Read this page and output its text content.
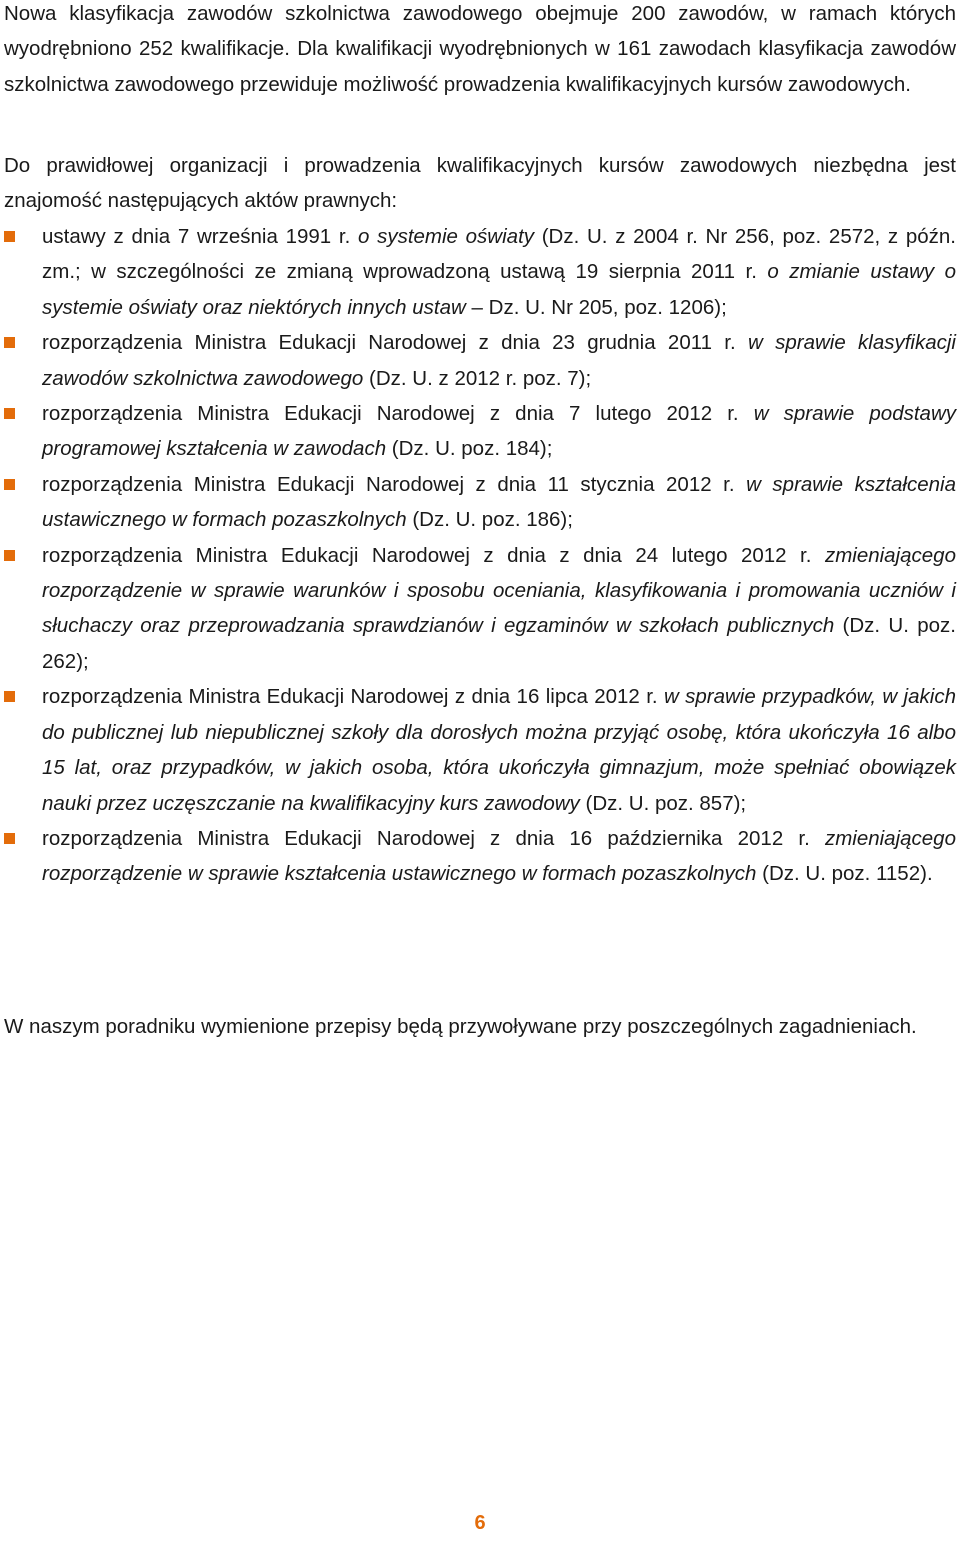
Nowa klasyfikacja zawodów szkolnictwa zawodowego obejmuje 200 zawodów, w ramach których wyodrębniono 252 kwalifikacje. Dla kwalifikacji wyodrębnionych w 161 zawodach klasyfikacja zawodów szkolnictwa zawodowego przewiduje możliwość prowadzenia kwalifikacyjnych kursów zawodowych.
Do prawidłowej organizacji i prowadzenia kwalifikacyjnych kursów zawodowych niezbędna jest znajomość następujących aktów prawnych:
ustawy z dnia 7 września 1991 r. o systemie oświaty (Dz. U. z 2004 r. Nr 256, poz. 2572, z późn. zm.; w szczególności ze zmianą wprowadzoną ustawą 19 sierpnia 2011 r. o zmianie ustawy o systemie oświaty oraz niektórych innych ustaw – Dz. U. Nr 205, poz. 1206);
rozporządzenia Ministra Edukacji Narodowej z dnia 23 grudnia 2011 r. w sprawie klasyfikacji zawodów szkolnictwa zawodowego (Dz. U. z 2012 r. poz. 7);
rozporządzenia Ministra Edukacji Narodowej z dnia 7 lutego 2012 r. w sprawie podstawy programowej kształcenia w zawodach (Dz. U. poz. 184);
rozporządzenia Ministra Edukacji Narodowej z dnia 11 stycznia 2012 r. w sprawie kształcenia ustawicznego w formach pozaszkolnych (Dz. U. poz. 186);
rozporządzenia Ministra Edukacji Narodowej z dnia z dnia 24 lutego 2012 r. zmieniającego rozporządzenie w sprawie warunków i sposobu oceniania, klasyfikowania i promowania uczniów i słuchaczy oraz przeprowadzania sprawdzianów i egzaminów w szkołach publicznych (Dz. U. poz. 262);
rozporządzenia Ministra Edukacji Narodowej z dnia 16 lipca 2012 r. w sprawie przypadków, w jakich do publicznej lub niepublicznej szkoły dla dorosłych można przyjąć osobę, która ukończyła 16 albo 15 lat, oraz przypadków, w jakich osoba, która ukończyła gimnazjum, może spełniać obowiązek nauki przez uczęszczanie na kwalifikacyjny kurs zawodowy (Dz. U. poz. 857);
rozporządzenia Ministra Edukacji Narodowej z dnia 16 października 2012 r. zmieniającego rozporządzenie w sprawie kształcenia ustawicznego w formach pozaszkolnych (Dz. U. poz. 1152).
W naszym poradniku wymienione przepisy będą przywoływane przy poszczególnych zagadnieniach.
6
